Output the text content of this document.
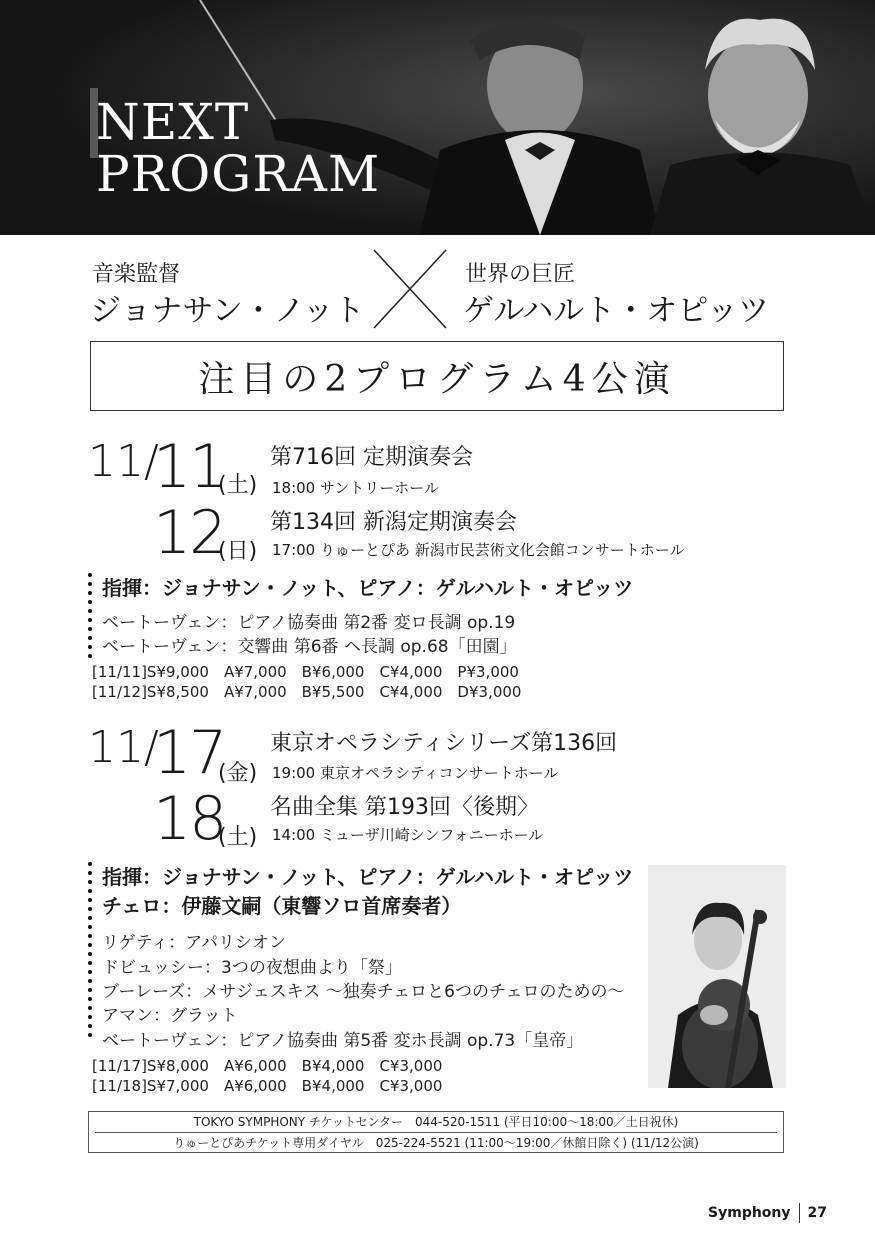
NEXT
PROGRAM
音楽監督
ジョナサン・ノット
世界の巨匠
ゲルハルト・オピッツ
注目の2プログラム4公演
11/
11
(土)
第716回 定期演奏会
18:00 サントリーホール
12
(日)
第134回 新潟定期演奏会
17:00 りゅーとぴあ 新潟市民芸術文化会館コンサートホール
指揮：ジョナサン・ノット、ピアノ：ゲルハルト・オピッツ
ベートーヴェン：ピアノ協奏曲 第2番 変ロ長調 op.19
ベートーヴェン：交響曲 第6番 ヘ長調 op.68「田園」
[11/11]S¥9,000　A¥7,000　B¥6,000　C¥4,000　P¥3,000
[11/12]S¥8,500　A¥7,000　B¥5,500　C¥4,000　D¥3,000
11/
17
(金)
東京オペラシティシリーズ第136回
19:00 東京オペラシティコンサートホール
18
(土)
名曲全集 第193回〈後期〉
14:00 ミューザ川崎シンフォニーホール
指揮：ジョナサン・ノット、ピアノ：ゲルハルト・オピッツ
チェロ：伊藤文嗣（東響ソロ首席奏者）
リゲティ：アパリシオン
ドビュッシー：3つの夜想曲より「祭」
ブーレーズ：メサジェスキス ～独奏チェロと6つのチェロのための～
アマン：グラット
ベートーヴェン：ピアノ協奏曲 第5番 変ホ長調 op.73「皇帝」
[11/17]S¥8,000　A¥6,000　B¥4,000　C¥3,000
[11/18]S¥7,000　A¥6,000　B¥4,000　C¥3,000
TOKYO SYMPHONY チケットセンター　044-520-1511 (平日10:00～18:00／土日祝休)
りゅーとぴあチケット専用ダイヤル　025-224-5521 (11:00～19:00／休館日除く) (11/12公演)
Symphony 27
